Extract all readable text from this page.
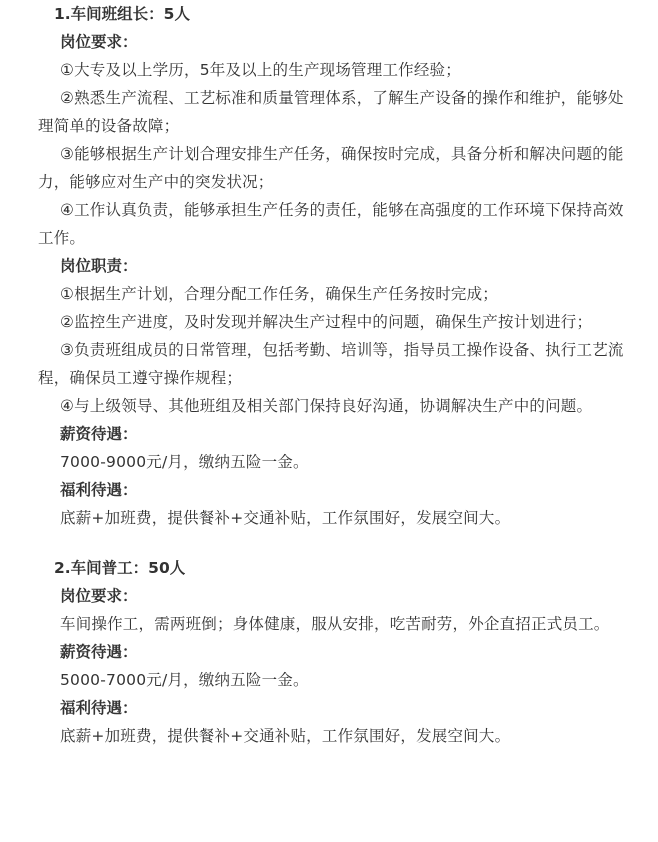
1.车间班组长：5人
岗位要求：

①大专及以上学历，5年及以上的生产现场管理工作经验；

②熟悉生产流程、工艺标准和质量管理体系，了解生产设备的操作和维护，能够处理简单的设备故障；

③能够根据生产计划合理安排生产任务，确保按时完成，具备分析和解决问题的能力，能够应对生产中的突发状况；

④工作认真负责，能够承担生产任务的责任，能够在高强度的工作环境下保持高效工作。

岗位职责：

①根据生产计划，合理分配工作任务，确保生产任务按时完成；

②监控生产进度，及时发现并解决生产过程中的问题，确保生产按计划进行；

③负责班组成员的日常管理，包括考勤、培训等，指导员工操作设备、执行工艺流程，确保员工遵守操作规程；

④与上级领导、其他班组及相关部门保持良好沟通，协调解决生产中的问题。

薪资待遇：

7000-9000元/月，缴纳五险一金。

福利待遇：

底薪+加班费，提供餐补+交通补贴，工作氛围好，发展空间大。

2.车间普工：50人
岗位要求：

车间操作工，需两班倒；身体健康，服从安排，吃苦耐劳，外企直招正式员工。

薪资待遇：

5000-7000元/月，缴纳五险一金。

福利待遇：

底薪+加班费，提供餐补+交通补贴，工作氛围好，发展空间大。
